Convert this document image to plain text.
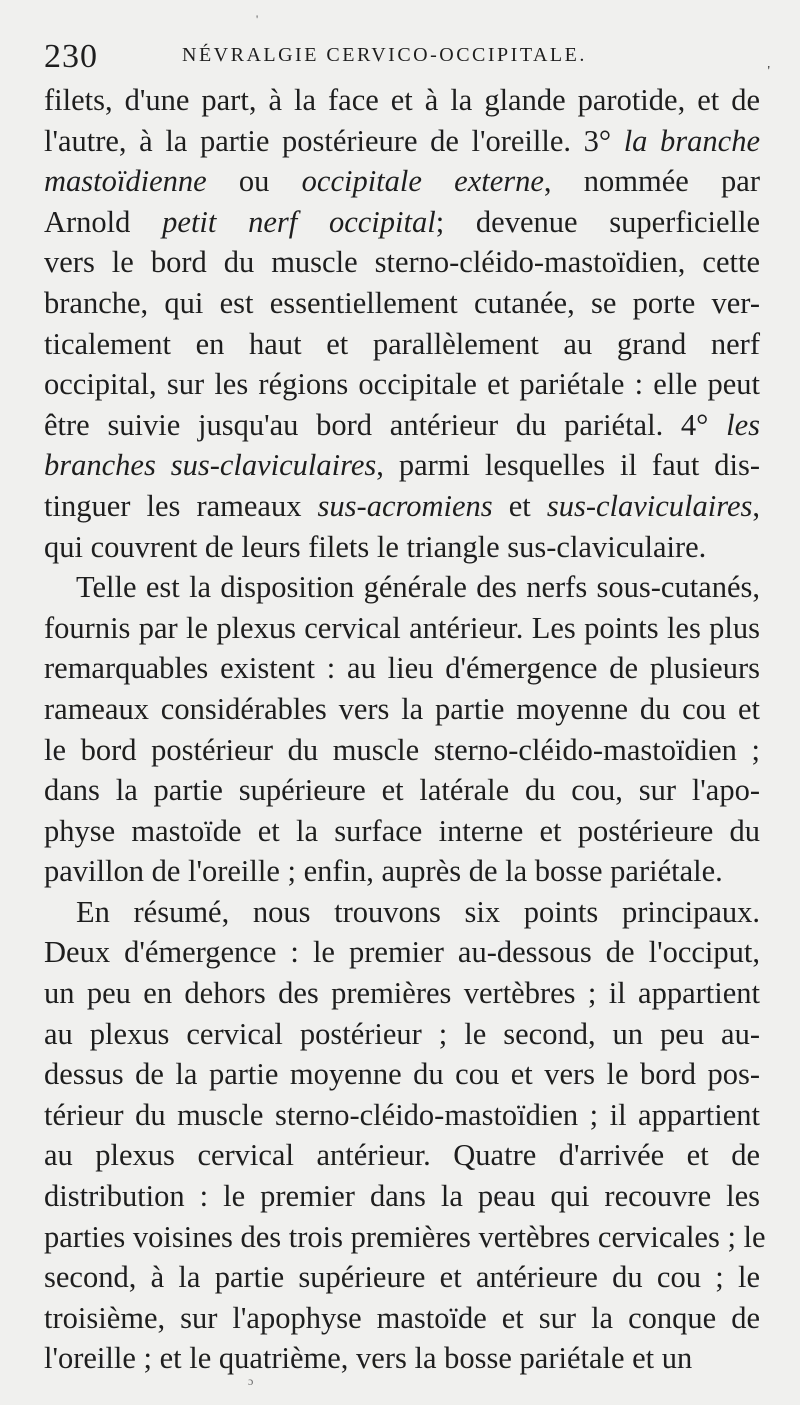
'
230	NÉVRALGIE CERVICO-OCCIPITALE.
'
filets, d'une part, à la face et à la glande parotide, et de
l'autre, à la partie postérieure de l'oreille. 3° la branche
mastoïdienne ou occipitale externe, nommée par
Arnold petit nerf occipital; devenue superficielle
vers le bord du muscle sterno-cléido-mastoïdien, cette
branche, qui est essentiellement cutanée, se porte ver-
ticalement en haut et parallèlement au grand nerf
occipital, sur les régions occipitale et pariétale : elle peut
être suivie jusqu'au bord antérieur du pariétal. 4° les
branches sus-claviculaires, parmi lesquelles il faut dis-
tinguer les rameaux sus-acromiens et sus-claviculaires,
qui couvrent de leurs filets le triangle sus-claviculaire.
Telle est la disposition générale des nerfs sous-cutanés,
fournis par le plexus cervical antérieur. Les points les plus
remarquables existent : au lieu d'émergence de plusieurs
rameaux considérables vers la partie moyenne du cou et
le bord postérieur du muscle sterno-cléido-mastoïdien ;
dans la partie supérieure et latérale du cou, sur l'apo-
physe mastoïde et la surface interne et postérieure du
pavillon de l'oreille ; enfin, auprès de la bosse pariétale.
En résumé, nous trouvons six points principaux.
Deux d'émergence : le premier au-dessous de l'occiput,
un peu en dehors des premières vertèbres ; il appartient
au plexus cervical postérieur ; le second, un peu au-
dessus de la partie moyenne du cou et vers le bord pos-
térieur du muscle sterno-cléido-mastoïdien ; il appartient
au plexus cervical antérieur. Quatre d'arrivée et de
distribution : le premier dans la peau qui recouvre les
parties voisines des trois premières vertèbres cervicales ; le
second, à la partie supérieure et antérieure du cou ; le
troisième, sur l'apophyse mastoïde et sur la conque de
l'oreille ; et le quatrième, vers la bosse pariétale et un
ɔ
